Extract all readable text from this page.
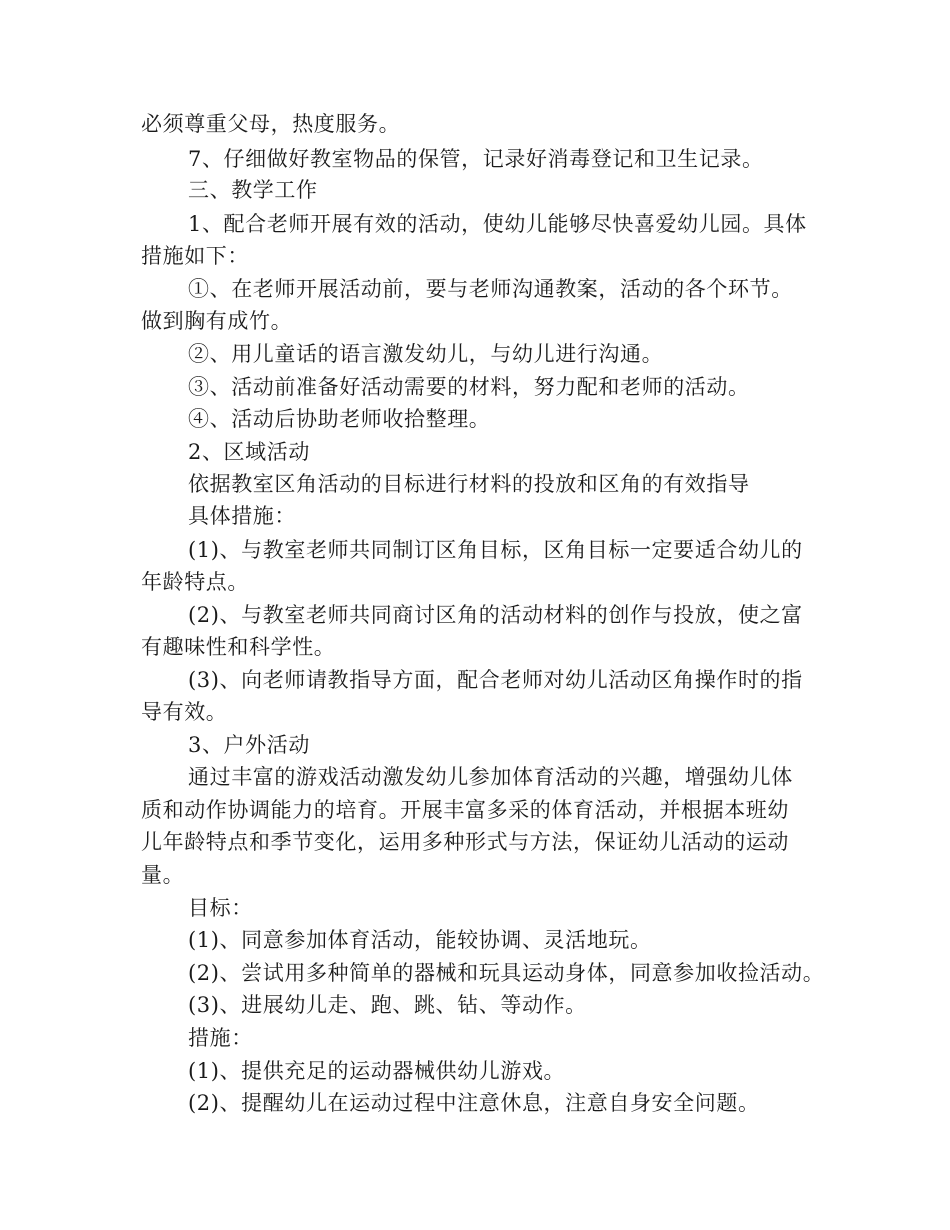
必须尊重父母，热度服务。
7、仔细做好教室物品的保管，记录好消毒登记和卫生记录。
三、教学工作
1、配合老师开展有效的活动，使幼儿能够尽快喜爱幼儿园。具体
措施如下：
①、在老师开展活动前，要与老师沟通教案，活动的各个环节。
做到胸有成竹。
②、用儿童话的语言激发幼儿，与幼儿进行沟通。
③、活动前准备好活动需要的材料，努力配和老师的活动。
④、活动后协助老师收拾整理。
2、区域活动
依据教室区角活动的目标进行材料的投放和区角的有效指导
具体措施：
(1)、与教室老师共同制订区角目标，区角目标一定要适合幼儿的
年龄特点。
(2)、与教室老师共同商讨区角的活动材料的创作与投放，使之富
有趣味性和科学性。
(3)、向老师请教指导方面，配合老师对幼儿活动区角操作时的指
导有效。
3、户外活动
通过丰富的游戏活动激发幼儿参加体育活动的兴趣，增强幼儿体
质和动作协调能力的培育。开展丰富多采的体育活动，并根据本班幼
儿年龄特点和季节变化，运用多种形式与方法，保证幼儿活动的运动
量。
目标：
(1)、同意参加体育活动，能较协调、灵活地玩。
(2)、尝试用多种简单的器械和玩具运动身体，同意参加收捡活动。
(3)、进展幼儿走、跑、跳、钻、等动作。
措施：
(1)、提供充足的运动器械供幼儿游戏。
(2)、提醒幼儿在运动过程中注意休息，注意自身安全问题。
